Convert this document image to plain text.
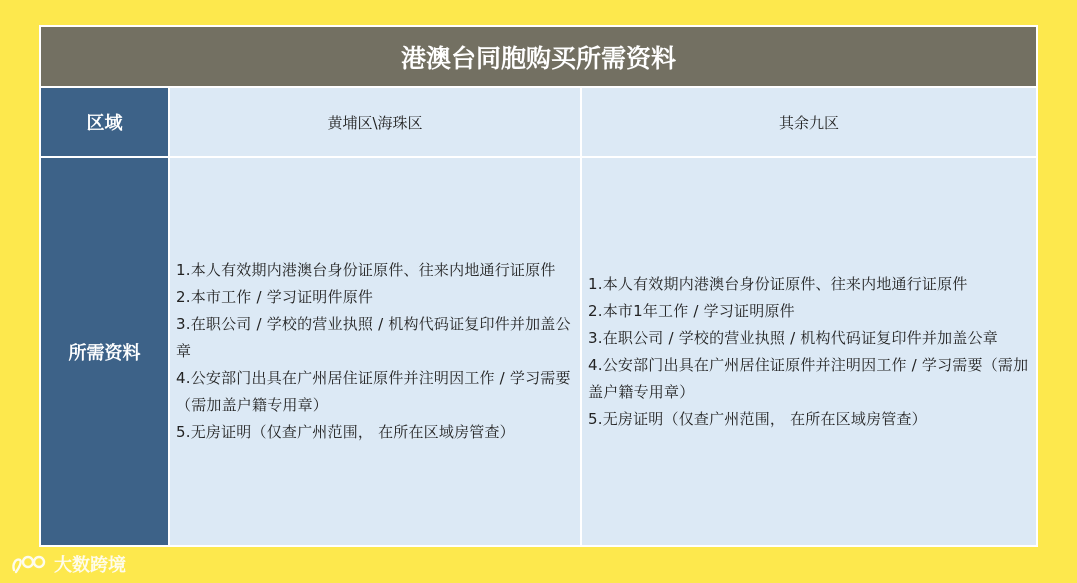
港澳台同胞购买所需资料
区域	黄埔区\海珠区	其余九区
所需资料
1.本人有效期内港澳台身份证原件、往来内地通行证原件
2.本市工作 / 学习证明件原件
3.在职公司 / 学校的营业执照 / 机构代码证复印件并加盖公章
4.公安部门出具在广州居住证原件并注明因工作 / 学习需要（需加盖户籍专用章）
5.无房证明（仅查广州范围， 在所在区域房管查）
1.本人有效期内港澳台身份证原件、往来内地通行证原件
2.本市1年工作 / 学习证明原件
3.在职公司 / 学校的营业执照 / 机构代码证复印件并加盖公章
4.公安部门出具在广州居住证原件并注明因工作 / 学习需要（需加盖户籍专用章）
5.无房证明（仅查广州范围， 在所在区域房管查）
大数跨境
